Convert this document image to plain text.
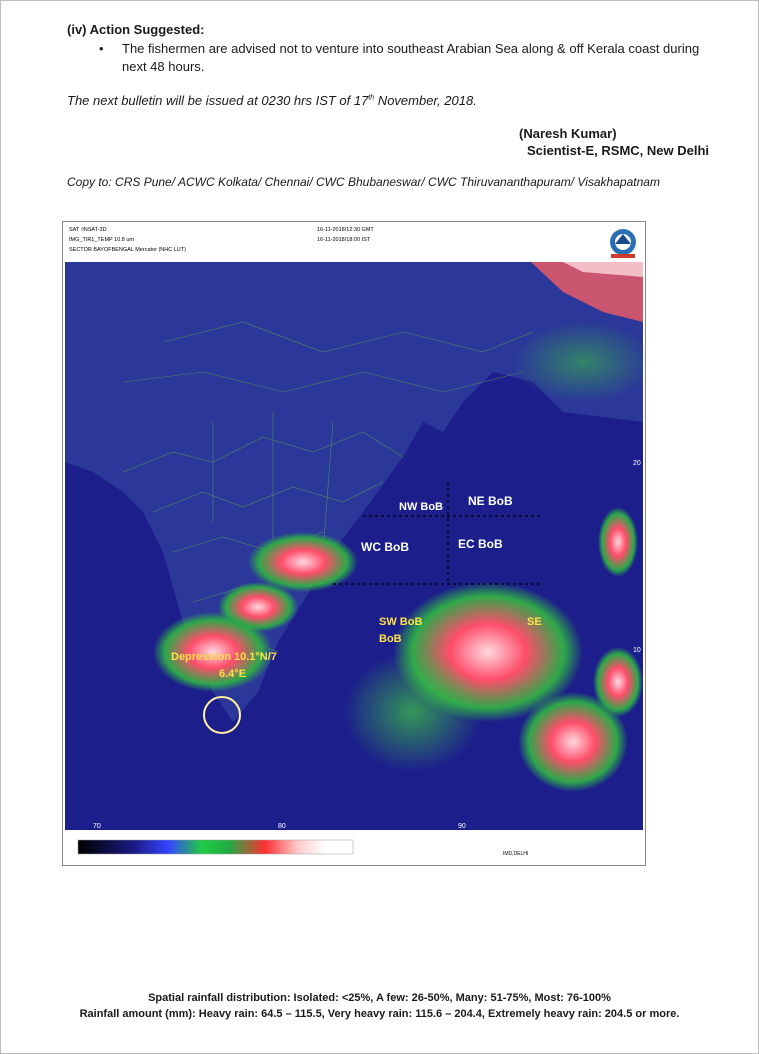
(iv) Action Suggested:
• The fishermen are advised not to venture into southeast Arabian Sea along & off Kerala coast during next 48 hours.
The next bulletin will be issued at 0230 hrs IST of 17th November, 2018.
(Naresh Kumar)
Scientist-E, RSMC, New Delhi
Copy to: CRS Pune/ ACWC Kolkata/ Chennai/ CWC Bhubaneswar/ CWC Thiruvananthapuram/ Visakhapatnam
SAT :INSAT-3D
IMG_TIR1_TEMP 10.8 um
SECTOR BAYOFBENGAL Mercator (NHC LUT)
16-11-2018/12:30 GMT
16-11-2018/18:00 IST
NW BoB NE BoB
WC BoB	EC BoB
SW BoB
BoB
SE
Depression 10.1°N/7
6.4°E
70	80	90
20
10
IMD,DELHI
Spatial rainfall distribution: Isolated: <25%, A few: 26-50%, Many: 51-75%, Most: 76-100%
Rainfall amount (mm): Heavy rain: 64.5 – 115.5, Very heavy rain: 115.6 – 204.4, Extremely heavy rain: 204.5 or more.
